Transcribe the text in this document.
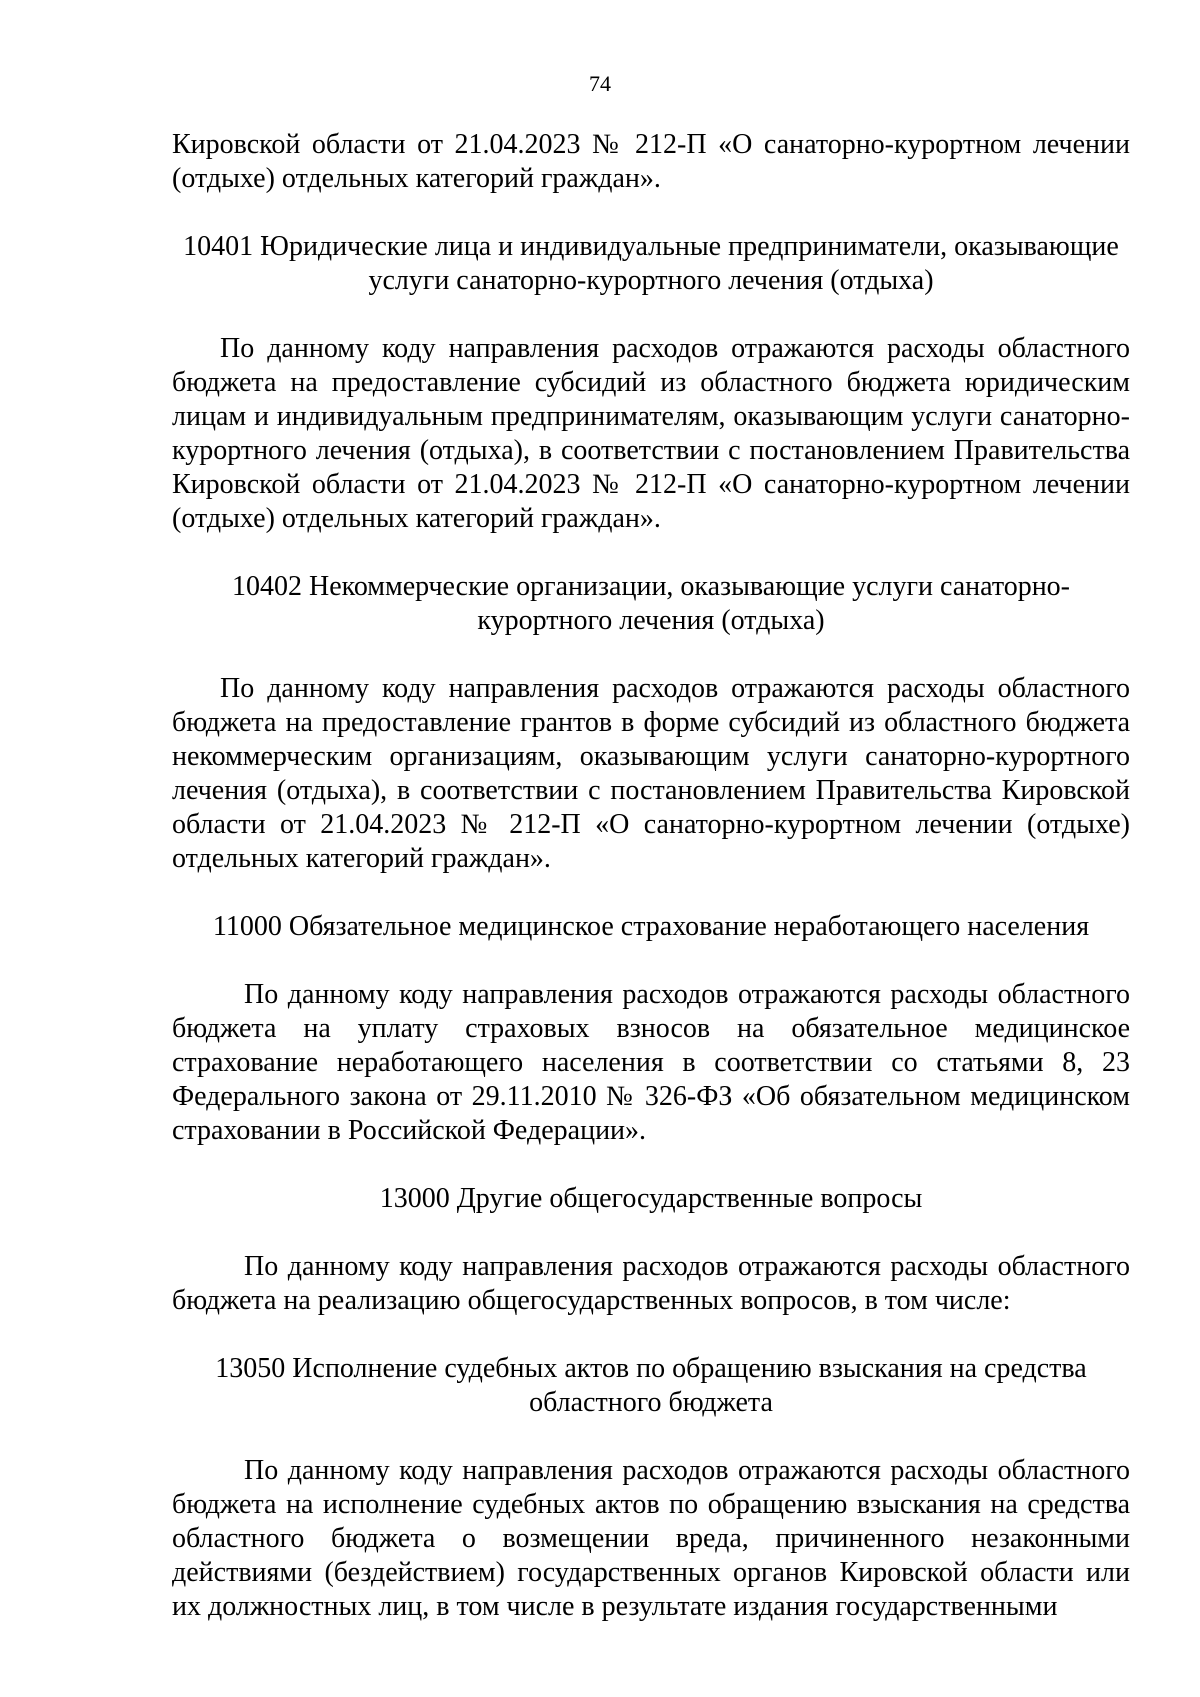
74

Кировской области от 21.04.2023 № 212-П «О санаторно-курортном лечении (отдыхе) отдельных категорий граждан».

10401 Юридические лица и индивидуальные предприниматели, оказывающие услуги санаторно-курортного лечения (отдыха)

По данному коду направления расходов отражаются расходы областного бюджета на предоставление субсидий из областного бюджета юридическим лицам и индивидуальным предпринимателям, оказывающим услуги санаторно-курортного лечения (отдыха), в соответствии с постановлением Правительства Кировской области от 21.04.2023 № 212-П «О санаторно-курортном лечении (отдыхе) отдельных категорий граждан».

10402 Некоммерческие организации, оказывающие услуги санаторно-курортного лечения (отдыха)

По данному коду направления расходов отражаются расходы областного бюджета на предоставление грантов в форме субсидий из областного бюджета некоммерческим организациям, оказывающим услуги санаторно-курортного лечения (отдыха), в соответствии с постановлением Правительства Кировской области от 21.04.2023 № 212-П «О санаторно-курортном лечении (отдыхе) отдельных категорий граждан».

11000 Обязательное медицинское страхование неработающего населения

По данному коду направления расходов отражаются расходы областного бюджета на уплату страховых взносов на обязательное медицинское страхование неработающего населения в соответствии со статьями 8, 23 Федерального закона от 29.11.2010 № 326-ФЗ «Об обязательном медицинском страховании в Российской Федерации».

13000 Другие общегосударственные вопросы

По данному коду направления расходов отражаются расходы областного бюджета на реализацию общегосударственных вопросов, в том числе:

13050 Исполнение судебных актов по обращению взыскания на средства областного бюджета

По данному коду направления расходов отражаются расходы областного бюджета на исполнение судебных актов по обращению взыскания на средства областного бюджета о возмещении вреда, причиненного незаконными действиями (бездействием) государственных органов Кировской области или их должностных лиц, в том числе в результате издания государственными
